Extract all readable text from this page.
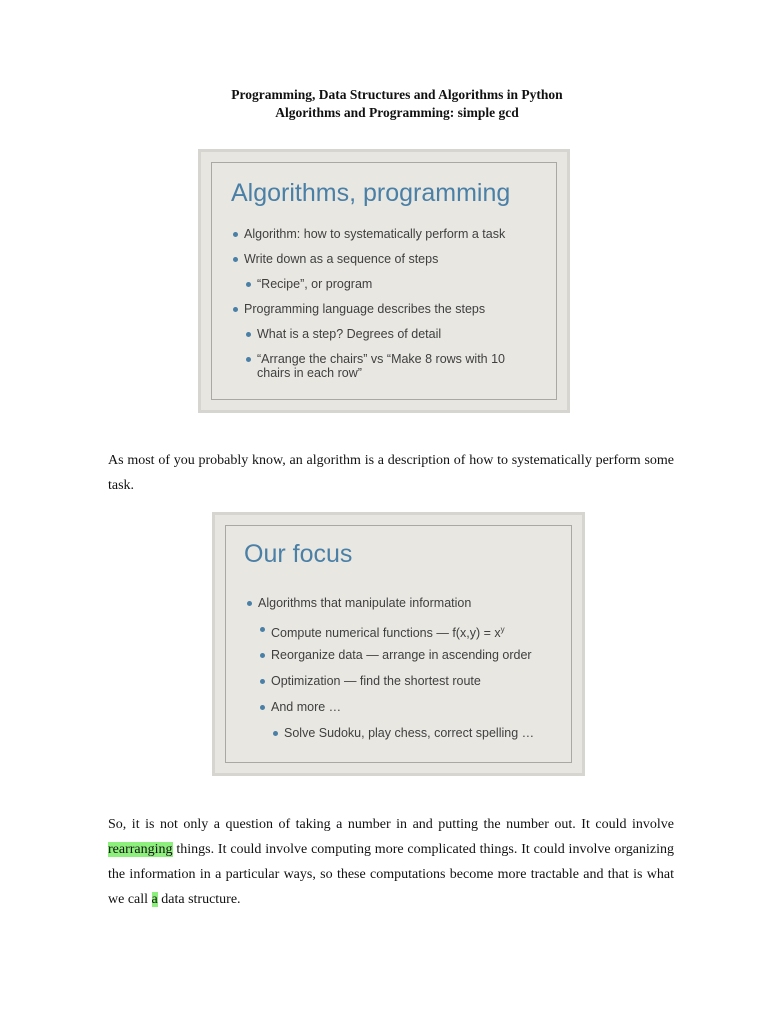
Programming, Data Structures and Algorithms in Python

Algorithms and Programming: simple gcd

Algorithms, programming
Algorithm: how to systematically perform a task
Write down as a sequence of steps
“Recipe”, or program
Programming language describes the steps
What is a step? Degrees of detail
“Arrange the chairs” vs “Make 8 rows with 10
chairs in each row”

As most of you probably know, an algorithm is a description of how to systematically perform some task.

Our focus
Algorithms that manipulate information
Compute numerical functions — $f(x,y) = x^y$
Reorganize data — arrange in ascending order
Optimization — find the shortest route
And more …
Solve Sudoku, play chess, correct spelling …

So, it is not only a question of taking a number in and putting the number out. It could involve rearranging things. It could involve computing more complicated things. It could involve organizing the information in a particular ways, so these computations become more tractable and that is what we call a data structure.
